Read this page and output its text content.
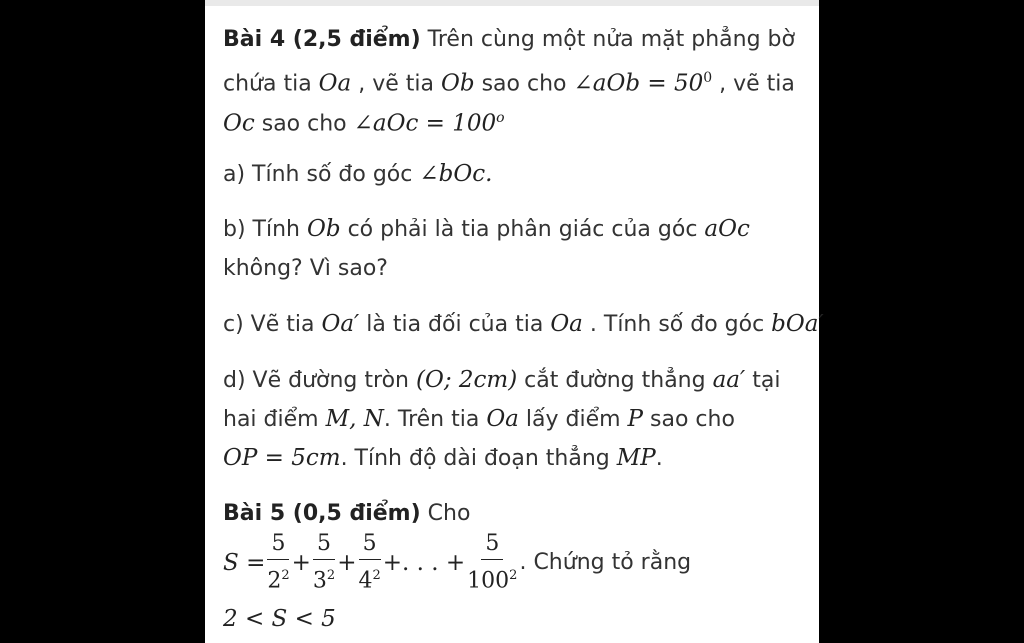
Bài 4 (2,5 điểm) Trên cùng một nửa mặt phẳng bờ
chứa tia Oa , vẽ tia Ob sao cho ∠aOb = $50^0$ , vẽ tia
Oc sao cho ∠aOc = $100^o$
a) Tính số đo góc ∠bOc.
b) Tính Ob có phải là tia phân giác của góc aOc
không? Vì sao?
c) Vẽ tia Oa′ là tia đối của tia Oa . Tính số đo góc bOa′
d) Vẽ đường tròn (O; 2cm) cắt đường thẳng aa′ tại
hai điểm M, N. Trên tia Oa lấy điểm P sao cho
OP = 5cm. Tính độ dài đoạn thẳng MP.
Bài 5 (0,5 điểm) Cho
$S = \frac{5}{2^2} + \frac{5}{3^2} + \frac{5}{4^2}$ +. . . + $\frac{5}{100^2}$ . Chứng tỏ rằng
2 < S < 5
